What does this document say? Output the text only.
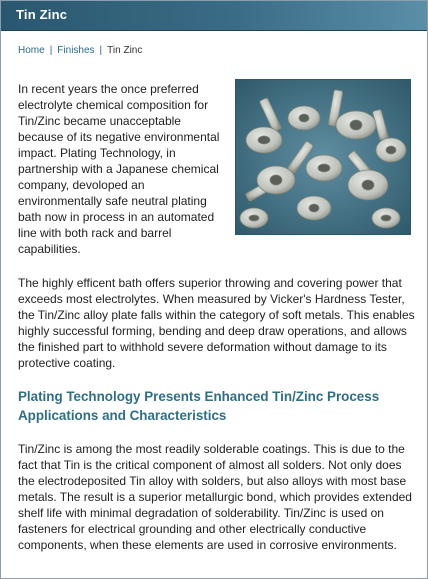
Tin Zinc
Home | Finishes | Tin Zinc

In recent years the once preferred electrolyte chemical composition for Tin/Zinc became unacceptable because of its negative environmental impact. Plating Technology, in partnership with a Japanese chemical company, devoloped an environmentally safe neutral plating bath now in process in an automated line with both rack and barrel capabilities.

The highly efficent bath offers superior throwing and covering power that exceeds most electrolytes. When measured by Vicker's Hardness Tester, the Tin/Zinc alloy plate falls within the category of soft metals. This enables highly successful forming, bending and deep draw operations, and allows the finished part to withhold severe deformation without damage to its protective coating.

Plating Technology Presents Enhanced Tin/Zinc Process Applications and Characteristics

Tin/Zinc is among the most readily solderable coatings. This is due to the fact that Tin is the critical component of almost all solders. Not only does the electrodeposited Tin alloy with solders, but also alloys with most base metals. The result is a superior metallurgic bond, which provides extended shelf life with minimal degradation of solderability. Tin/Zinc is used on fasteners for electrical grounding and other electrically conductive components, when these elements are used in corrosive environments.
